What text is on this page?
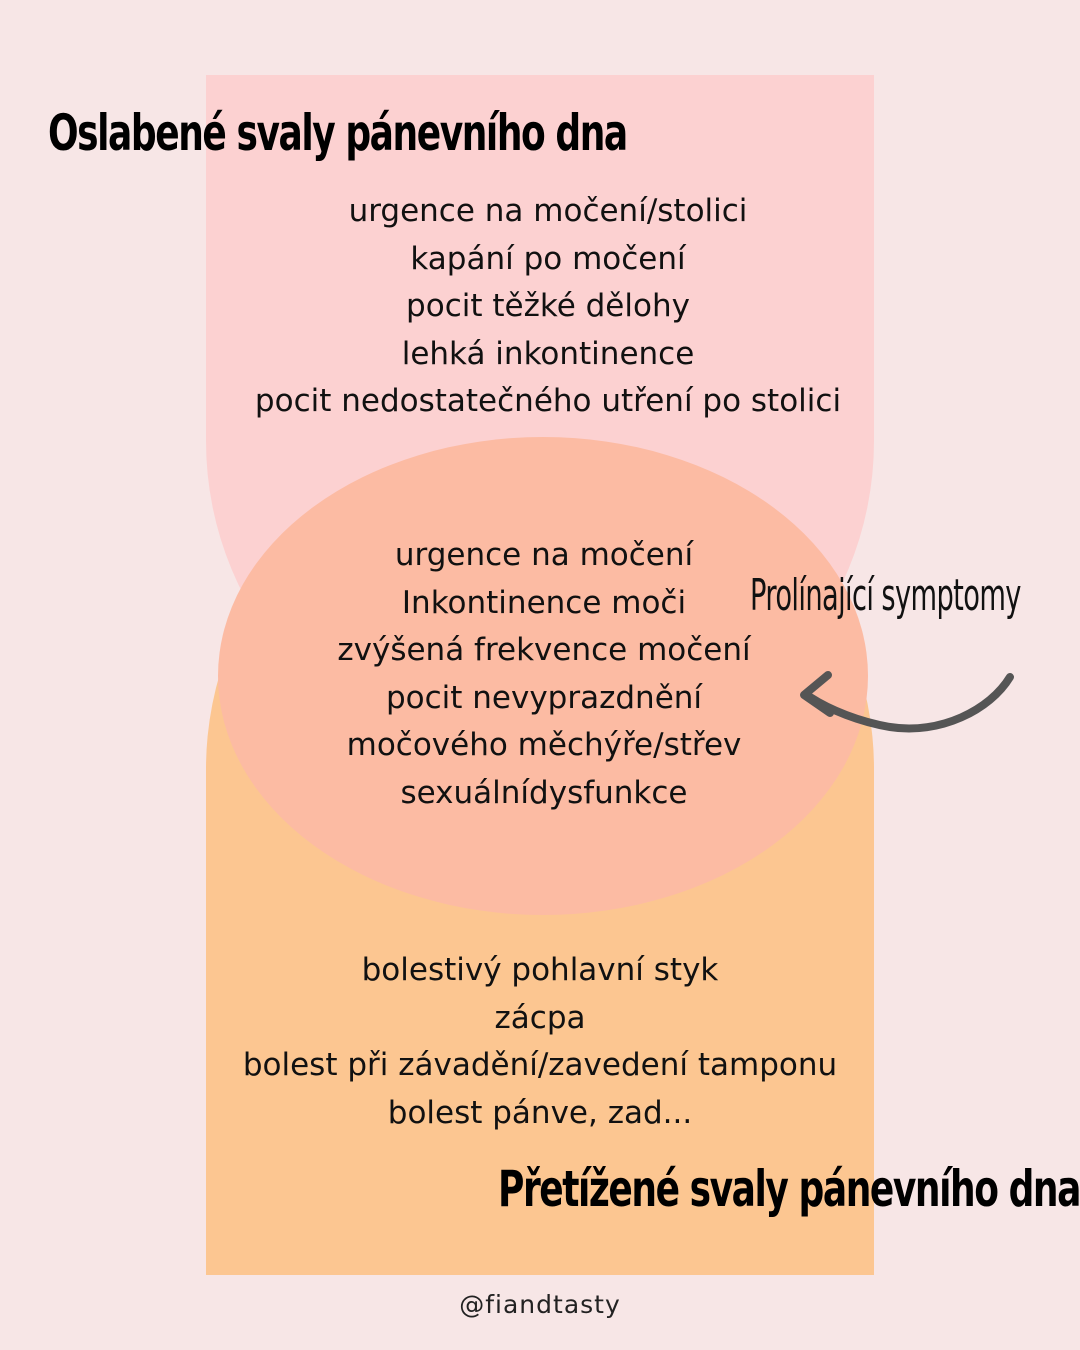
Oslabené svaly pánevního dna
urgence na močení/stolici
kapání po močení
pocit těžké dělohy
lehká inkontinence
pocit nedostatečného utření po stolici
urgence na močení
Inkontinence moči
zvýšená frekvence močení
pocit nevyprazdnění
močového měchýře/střev
sexuálnídysfunkce
Prolínající symptomy
bolestivý pohlavní styk
zácpa
bolest při závadění/zavedení tamponu
bolest pánve, zad...
Přetížené svaly pánevního dna
@fiandtasty
